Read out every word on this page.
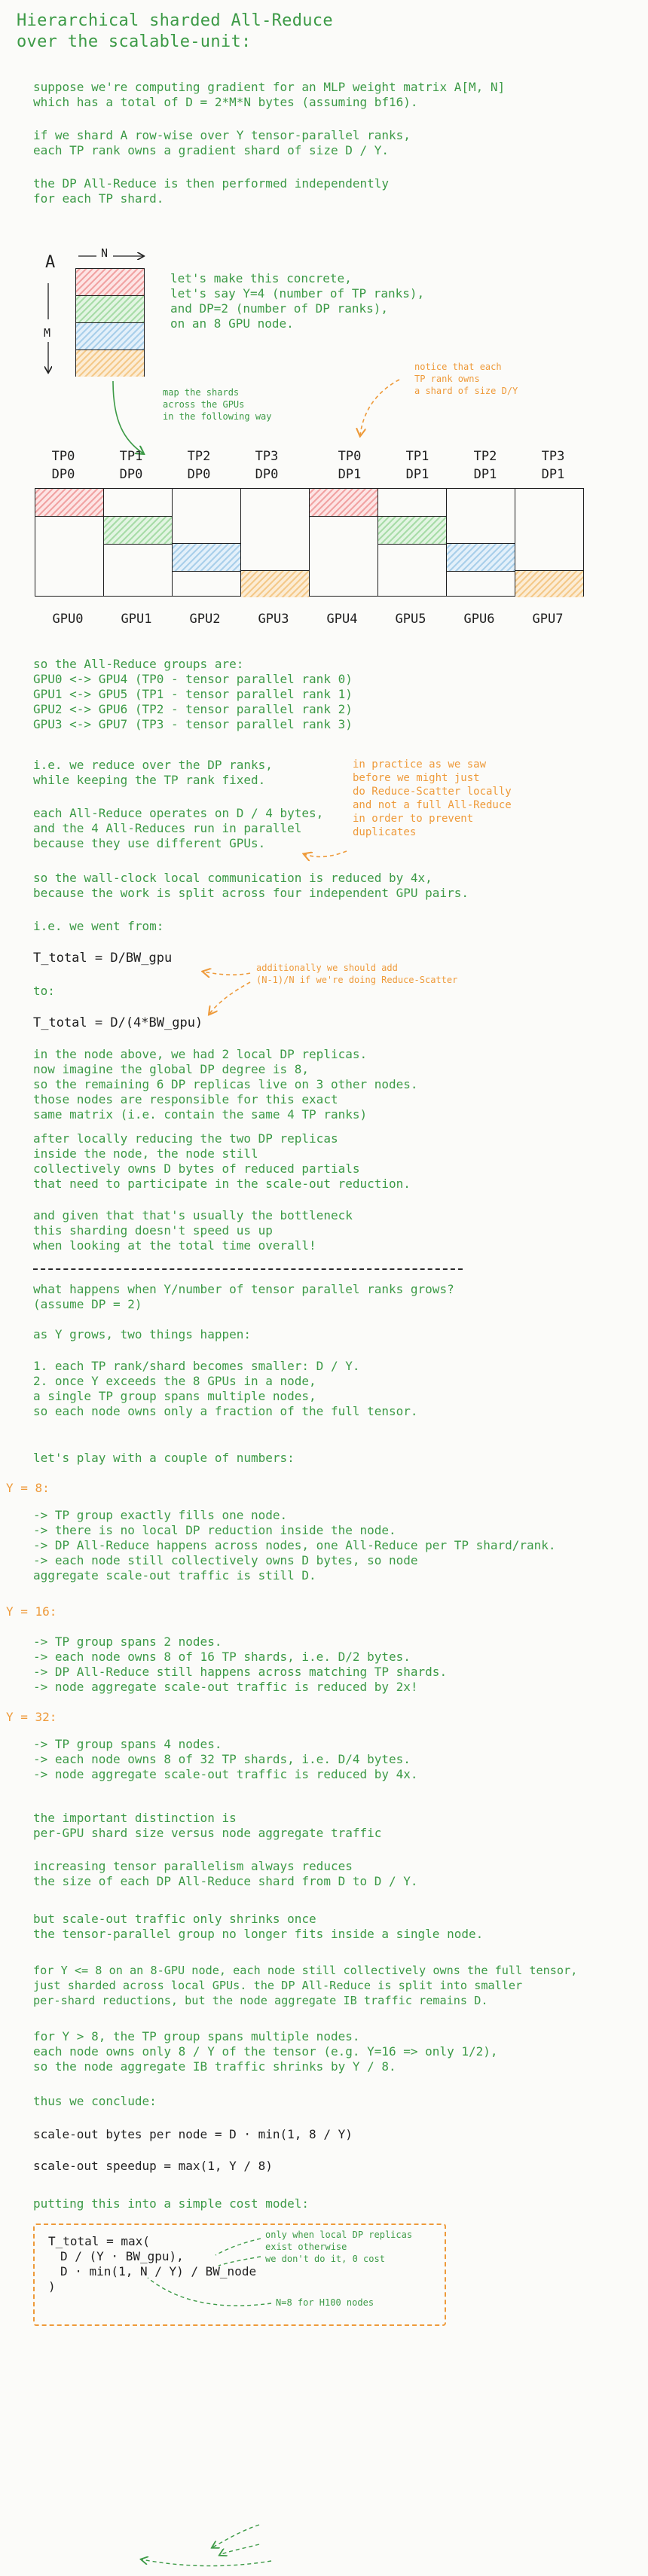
Hierarchical sharded All-Reduce
over the scalable-unit:
suppose we're computing gradient for an MLP weight matrix A[M, N]
which has a total of D = 2*M*N bytes (assuming bf16).
if we shard A row-wise over Y tensor-parallel ranks,
each TP rank owns a gradient shard of size D / Y.
the DP All-Reduce is then performed independently
for each TP shard.
A	N
M
let's make this concrete,
let's say Y=4 (number of TP ranks),
and DP=2 (number of DP ranks),
on an 8 GPU node.
map the shards
across the GPUs
in the following way
notice that each
TP rank owns
a shard of size D/Y
TP0
DP0
TP1
DP0
TP2
DP0
TP3
DP0
TP0
DP1
TP1
DP1
TP2
DP1
TP3
DP1
GPU0	GPU1	GPU2	GPU3	GPU4	GPU5	GPU6	GPU7
so the All-Reduce groups are:
GPU0 <-> GPU4 (TP0 - tensor parallel rank 0)
GPU1 <-> GPU5 (TP1 - tensor parallel rank 1)
GPU2 <-> GPU6 (TP2 - tensor parallel rank 2)
GPU3 <-> GPU7 (TP3 - tensor parallel rank 3)
i.e. we reduce over the DP ranks,
while keeping the TP rank fixed.
each All-Reduce operates on D / 4 bytes,
and the 4 All-Reduces run in parallel
because they use different GPUs.
in practice as we saw
before we might just
do Reduce-Scatter locally
and not a full All-Reduce
in order to prevent
duplicates
so the wall-clock local communication is reduced by 4x,
because the work is split across four independent GPU pairs.
i.e. we went from:
T_total = D/BW_gpu
to:
T_total = D/(4*BW_gpu)
additionally we should add
(N-1)/N if we're doing Reduce-Scatter
in the node above, we had 2 local DP replicas.
now imagine the global DP degree is 8,
so the remaining 6 DP replicas live on 3 other nodes.
those nodes are responsible for this exact
same matrix (i.e. contain the same 4 TP ranks)
after locally reducing the two DP replicas
inside the node, the node still
collectively owns D bytes of reduced partials
that need to participate in the scale-out reduction.
and given that that's usually the bottleneck
this sharding doesn't speed us up
when looking at the total time overall!
what happens when Y/number of tensor parallel ranks grows?
(assume DP = 2)
as Y grows, two things happen:
1. each TP rank/shard becomes smaller: D / Y.
2. once Y exceeds the 8 GPUs in a node,
a single TP group spans multiple nodes,
so each node owns only a fraction of the full tensor.
let's play with a couple of numbers:
Y = 8:
-> TP group exactly fills one node.
-> there is no local DP reduction inside the node.
-> DP All-Reduce happens across nodes, one All-Reduce per TP shard/rank.
-> each node still collectively owns D bytes, so node
aggregate scale-out traffic is still D.
Y = 16:
-> TP group spans 2 nodes.
-> each node owns 8 of 16 TP shards, i.e. D/2 bytes.
-> DP All-Reduce still happens across matching TP shards.
-> node aggregate scale-out traffic is reduced by 2x!
Y = 32:
-> TP group spans 4 nodes.
-> each node owns 8 of 32 TP shards, i.e. D/4 bytes.
-> node aggregate scale-out traffic is reduced by 4x.
the important distinction is
per-GPU shard size versus node aggregate traffic
increasing tensor parallelism always reduces
the size of each DP All-Reduce shard from D to D / Y.
but scale-out traffic only shrinks once
the tensor-parallel group no longer fits inside a single node.
for Y <= 8 on an 8-GPU node, each node still collectively owns the full tensor,
just sharded across local GPUs. the DP All-Reduce is split into smaller
per-shard reductions, but the node aggregate IB traffic remains D.
for Y > 8, the TP group spans multiple nodes.
each node owns only 8 / Y of the tensor (e.g. Y=16 => only 1/2),
so the node aggregate IB traffic shrinks by Y / 8.
thus we conclude:
scale-out bytes per node = D · min(1, 8 / Y)
scale-out speedup = max(1, Y / 8)
putting this into a simple cost model:
T_total = max(
D / (Y · BW_gpu),
D · min(1, N / Y) / BW_node
)
only when local DP replicas
exist otherwise
we don't do it, 0 cost
N=8 for H100 nodes
